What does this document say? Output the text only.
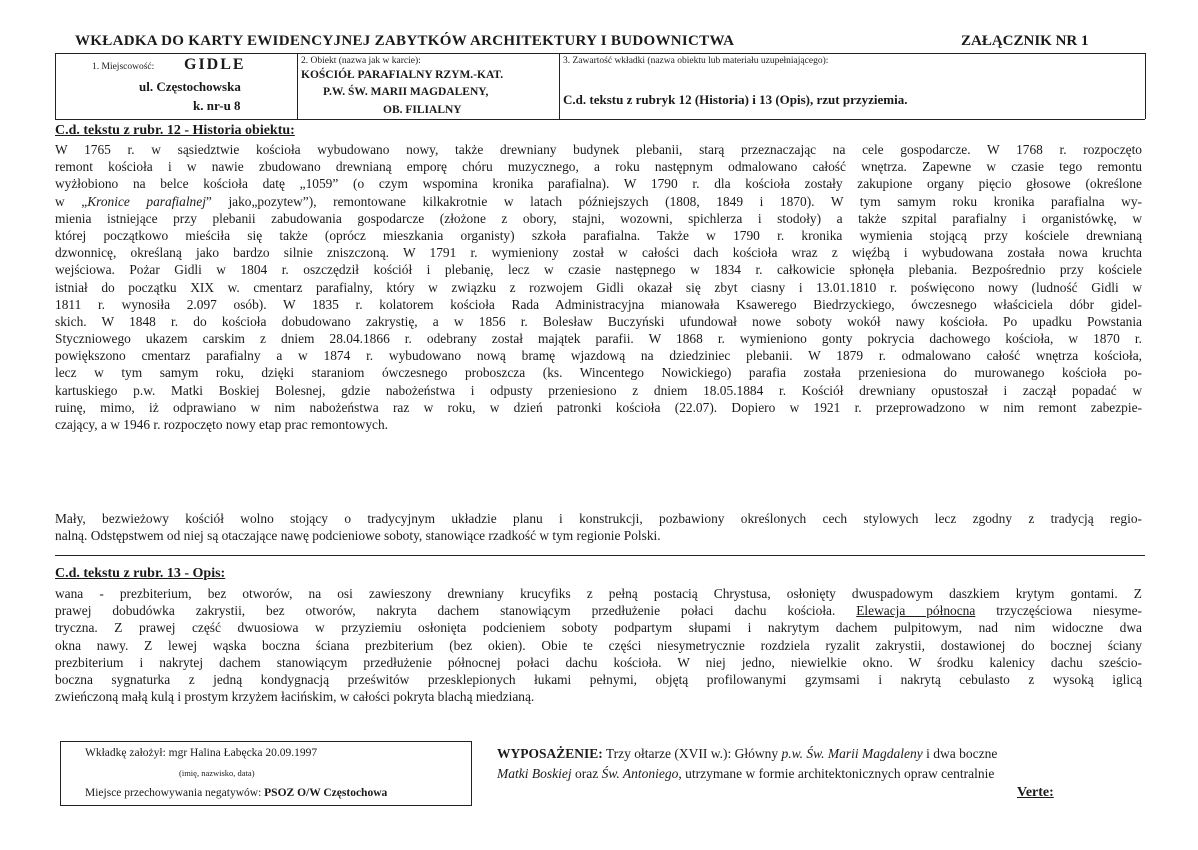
WKŁADKA DO KARTY EWIDENCYJNEJ ZABYTKÓW ARCHITEKTURY I BUDOWNICTWA	ZAŁĄCZNIK NR 1
1. Miejscowość: GIDLE
ul. Częstochowska
k. nr-u 8
2. Obiekt (nazwa jak w karcie):
KOŚCIÓŁ PARAFIALNY RZYM.-KAT.
P.W. ŚW. MARII MAGDALENY,
OB. FILIALNY
3. Zawartość wkładki (nazwa obiektu lub materiału uzupełniającego):
C.d. tekstu z rubryk 12 (Historia) i 13 (Opis), rzut przyziemia.
C.d. tekstu z rubr. 12 - Historia obiektu:
W 1765 r. w sąsiedztwie kościoła wybudowano nowy, także drewniany budynek plebanii, starą przeznaczając na cele gospodarcze. W 1768 r. rozpoczęto
remont kościoła i w nawie zbudowano drewnianą emporę chóru muzycznego, a roku następnym odmalowano całość wnętrza. Zapewne w czasie tego remontu
wyżłobiono na belce kościoła datę „1059” (o czym wspomina kronika parafialna). W 1790 r. dla kościoła zostały zakupione organy pięcio głosowe (określone
w „Kronice parafialnej” jako„pozytew”), remontowane kilkakrotnie w latach późniejszych (1808, 1849 i 1870). W tym samym roku kronika parafialna wy-
mienia istniejące przy plebanii zabudowania gospodarcze (złożone z obory, stajni, wozowni, spichlerza i stodoły) a także szpital parafialny i organistówkę, w
której początkowo mieściła się także (oprócz mieszkania organisty) szkoła parafialna. Także w 1790 r. kronika wymienia stojącą przy kościele drewnianą
dzwonnicę, określaną jako bardzo silnie zniszczoną. W 1791 r. wymieniony został w całości dach kościoła wraz z więźbą i wybudowana została nowa kruchta
wejściowa. Pożar Gidli w 1804 r. oszczędził kościół i plebanię, lecz w czasie następnego w 1834 r. całkowicie spłonęła plebania. Bezpośrednio przy kościele
istniał do początku XIX w. cmentarz parafialny, który w związku z rozwojem Gidli okazał się zbyt ciasny i 13.01.1810 r. poświęcono nowy (ludność Gidli w
1811 r. wynosiła 2.097 osób). W 1835 r. kolatorem kościoła Rada Administracyjna mianowała Ksawerego Biedrzyckiego, ówczesnego właściciela dóbr gidel-
skich. W 1848 r. do kościoła dobudowano zakrystię, a w 1856 r. Bolesław Buczyński ufundował nowe soboty wokół nawy kościoła. Po upadku Powstania
Styczniowego ukazem carskim z dniem 28.04.1866 r. odebrany został majątek parafii. W 1868 r. wymieniono gonty pokrycia dachowego kościoła, w 1870 r.
powiększono cmentarz parafialny a w 1874 r. wybudowano nową bramę wjazdową na dziedziniec plebanii. W 1879 r. odmalowano całość wnętrza kościoła,
lecz w tym samym roku, dzięki staraniom ówczesnego proboszcza (ks. Wincentego Nowickiego) parafia została przeniesiona do murowanego kościoła po-
kartuskiego p.w. Matki Boskiej Bolesnej, gdzie nabożeństwa i odpusty przeniesiono z dniem 18.05.1884 r. Kościół drewniany opustoszał i zaczął popadać w
ruinę, mimo, iż odprawiano w nim nabożeństwa raz w roku, w dzień patronki kościoła (22.07). Dopiero w 1921 r. przeprowadzono w nim remont zabezpie-
czający, a w 1946 r. rozpoczęto nowy etap prac remontowych.
Mały, bezwieżowy kościół wolno stojący o tradycyjnym układzie planu i konstrukcji, pozbawiony określonych cech stylowych lecz zgodny z tradycją regio-
nalną. Odstępstwem od niej są otaczające nawę podcieniowe soboty, stanowiące rzadkość w tym regionie Polski.
C.d. tekstu z rubr. 13 - Opis:
wana - prezbiterium, bez otworów, na osi zawieszony drewniany krucyfiks z pełną postacią Chrystusa, osłonięty dwuspadowym daszkiem krytym gontami. Z
prawej dobudówka zakrystii, bez otworów, nakryta dachem stanowiącym przedłużenie połaci dachu kościoła. Elewacja północna trzyczęściowa niesyme-
tryczna. Z prawej część dwuosiowa w przyziemiu osłonięta podcieniem soboty podpartym słupami i nakrytym dachem pulpitowym, nad nim widoczne dwa
okna nawy. Z lewej wąska boczna ściana prezbiterium (bez okien). Obie te części niesymetrycznie rozdziela ryzalit zakrystii, dostawionej do bocznej ściany
prezbiterium i nakrytej dachem stanowiącym przedłużenie północnej połaci dachu kościoła. W niej jedno, niewielkie okno. W środku kalenicy dachu sześcio-
boczna sygnaturka z jedną kondygnacją prześwitów przesklepionych łukami pełnymi, objętą profilowanymi gzymsami i nakrytą cebulasto z wysoką iglicą
zwieńczoną małą kulą i prostym krzyżem łacińskim, w całości pokryta blachą miedzianą.
Wkładkę założył: mgr Halina Łabęcka 20.09.1997
(imię, nazwisko, data)
Miejsce przechowywania negatywów: PSOZ O/W Częstochowa
WYPOSAŻENIE: Trzy ołtarze (XVII w.): Główny p.w. Św. Marii Magdaleny i dwa boczne
Matki Boskiej oraz Św. Antoniego, utrzymane w formie architektonicznych opraw centralnie
Verte:
